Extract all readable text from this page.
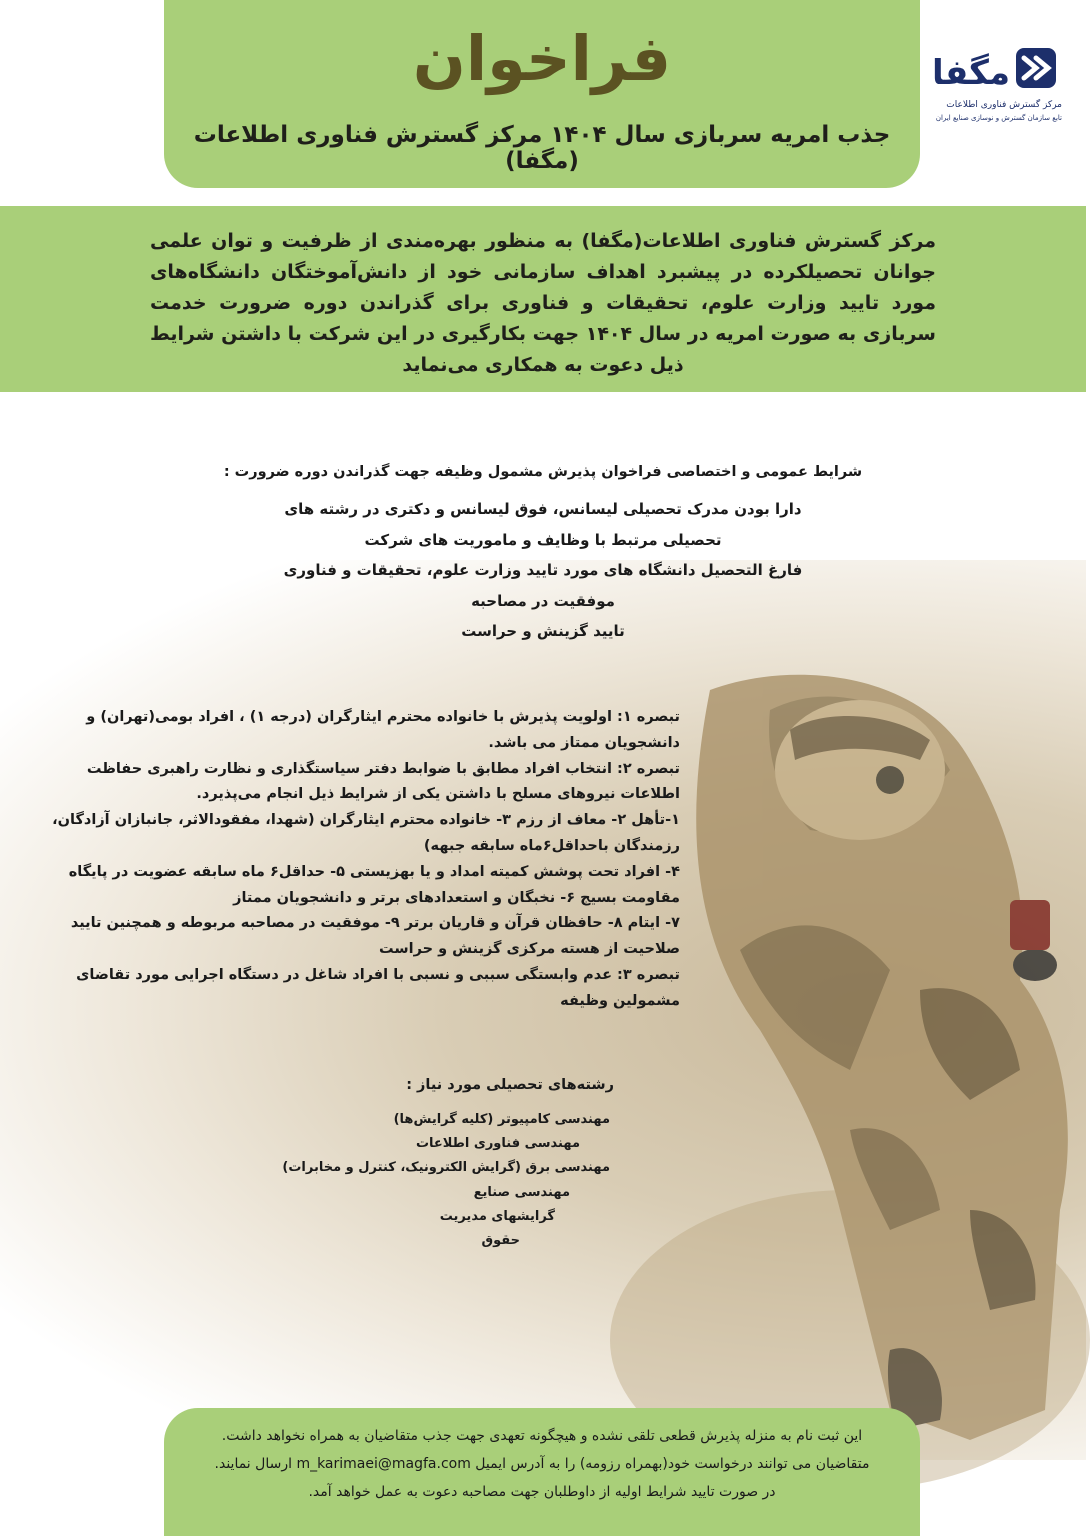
فراخوان
جذب امریه سربازی سال ۱۴۰۴ مرکز گسترش فناوری اطلاعات (مگفا)
مگفا
مرکز گسترش فناوری اطلاعات
تابع سازمان گسترش و نوسازی صنایع ایران
مرکز گسترش فناوری اطلاعات(مگفا) به منظور بهره‌مندی از ظرفیت و توان علمی جوانان تحصیلکرده در پیشبرد اهداف سازمانی خود از دانش‌آموختگان دانشگاه‌های مورد تایید وزارت علوم، تحقیقات و فناوری برای گذراندن دوره ضرورت خدمت سربازی به صورت امریه در سال ۱۴۰۴ جهت بکارگیری در این شرکت با داشتن شرایط ذیل دعوت به همکاری می‌نماید
شرایط عمومی و اختصاصی فراخوان پذیرش مشمول وظیفه جهت گذراندن دوره ضرورت :
دارا بودن مدرک تحصیلی لیسانس، فوق لیسانس و دکتری در رشته های
تحصیلی مرتبط با وظایف و ماموریت های شرکت
فارغ التحصیل دانشگاه های مورد تایید وزارت علوم، تحقیقات و فناوری
موفقیت در مصاحبه
تایید گزینش و حراست
تبصره ۱: اولویت پذیرش با خانواده محترم ایثارگران (درجه ۱) ، افراد بومی(تهران) و دانشجویان ممتاز می باشد.
تبصره ۲: انتخاب افراد مطابق با ضوابط دفتر سیاستگذاری و نظارت راهبری حفاظت اطلاعات نیروهای مسلح با داشتن یکی از شرایط ذیل انجام می‌پذیرد.
۱-تأهل ۲- معاف از رزم ۳- خانواده محترم ایثارگران (شهدا، مفقودالاثر، جانبازان آزادگان، رزمندگان باحداقل۶ماه سابقه جبهه)
۴- افراد تحت پوشش کمیته امداد و یا بهزیستی ۵- حداقل۶ ماه سابقه عضویت در پایگاه مقاومت بسیج ۶- نخبگان و استعدادهای برتر و دانشجویان ممتاز
۷- ایتام ۸- حافظان قرآن و قاریان برتر ۹- موفقیت در مصاحبه مربوطه و همچنین تایید صلاحیت از هسته مرکزی گزینش و حراست
تبصره ۳: عدم وابستگی سببی و نسبی با افراد شاغل در دستگاه اجرایی مورد تقاضای مشمولین وظیفه
رشته‌های تحصیلی مورد نیاز :
مهندسی کامپیوتر (کلیه گرایش‌ها)
مهندسی فناوری اطلاعات
مهندسی برق (گرایش الکترونیک، کنترل و مخابرات)
مهندسی صنایع
گرایشهای مدیریت
حقوق
این ثبت نام به منزله پذیرش قطعی تلقی نشده و هیچگونه تعهدی جهت جذب متقاضیان به همراه نخواهد داشت.
متقاضیان می توانند درخواست خود(بهمراه رزومه) را به آدرس ایمیل m_karimaei@magfa.com ارسال نمایند.
در صورت تایید شرایط اولیه از داوطلبان جهت مصاحبه دعوت به عمل خواهد آمد.
